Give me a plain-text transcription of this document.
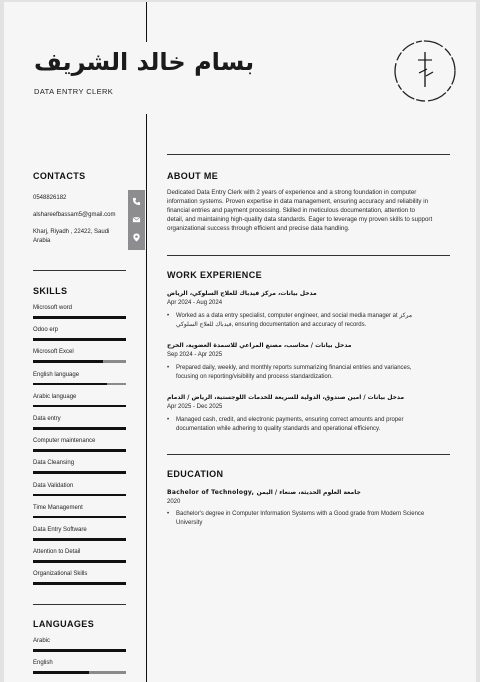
بسام خالد الشريف
DATA ENTRY CLERK
CONTACTS
0548826182
alshareefbassam5@gmail.com
Kharj, Riyadh , 22422, Saudi
Arabia
SKILLS
Microsoft word
Odoo erp
Microsoft Excel
English language
Arabic language
Data entry
Computer maintenance
Data Cleansing
Data Validation
Time Management
Data Entry Software
Attention to Detail
Organizational Skills
LANGUAGES
Arabic
English
ABOUT ME
Dedicated Data Entry Clerk with 2 years of experience and a strong foundation in computer
information systems. Proven expertise in data management, ensuring accuracy and reliability in
financial entries and payment processing. Skilled in meticulous documentation, attention to
detail, and maintaining high-quality data standards. Eager to leverage my proven skills to support
organizational success through efficient and precise data handling.
WORK EXPERIENCE
مدخل بيانات، مركز فيدباك للعلاج السلوكي، الرياض
Apr 2024 - Aug 2024
• Worked as a data entry specialist, computer engineer, and social media manager at مركز
فيدباك للعلاج السلوكي, ensuring documentation and accuracy of records.
مدخل بيانات / محاسب، مصنع المراعي للاسمدة العضوية، الخرج
Sep 2024 - Apr 2025
• Prepared daily, weekly, and monthly reports summarizing financial entries and variances,
focusing on reporting/visibility and process standardization.
مدخل بيانات / امين صندوق، الدولية للسريعة للخدمات اللوجستية، الرياض / الدمام
Apr 2025 - Dec 2025
• Managed cash, credit, and electronic payments, ensuring correct amounts and proper
documentation while adhering to quality standards and operational efficiency.
EDUCATION
Bachelor of Technology, جامعة العلوم الحديثة، صنعاء / اليمن
2020
• Bachelor's degree in Computer Information Systems with a Good grade from Modern Science
University
